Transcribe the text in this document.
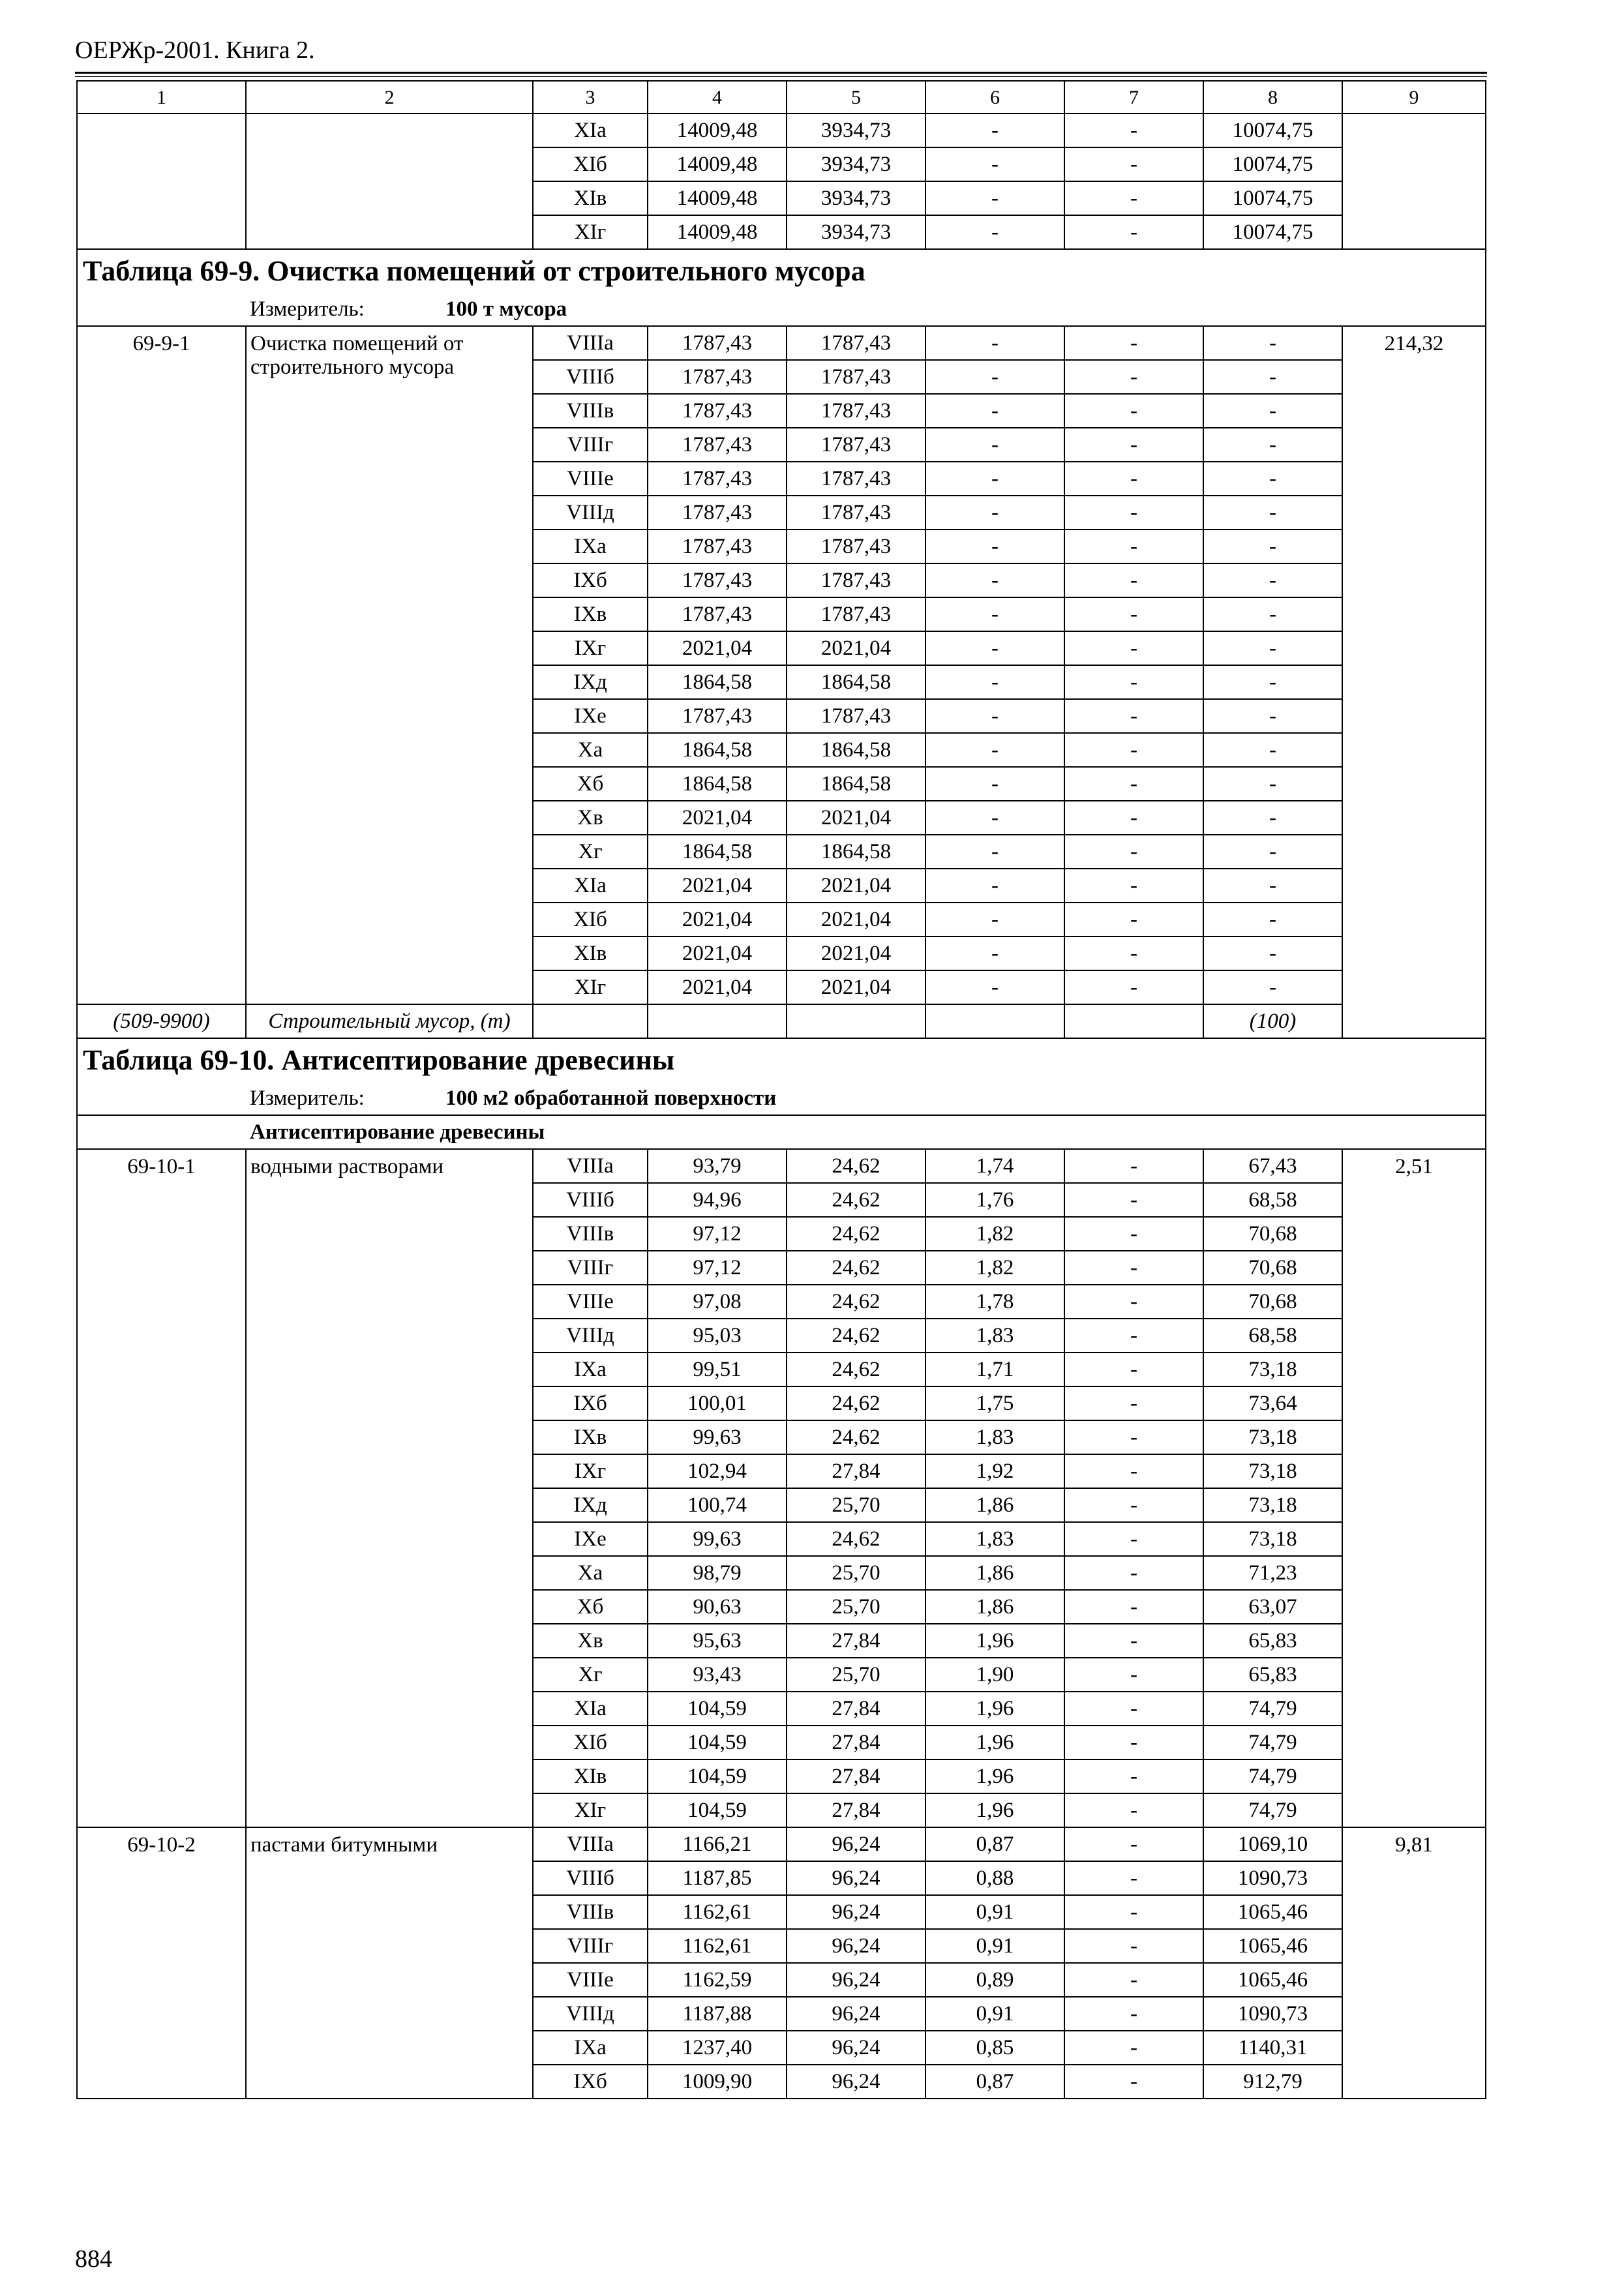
ОЕРЖр-2001. Книга 2.
1	2	3	4	5	6	7	8	9
		XIа	14009,48	3934,73	-	-	10074,75	
		XIб	14009,48	3934,73	-	-	10074,75	
		XIв	14009,48	3934,73	-	-	10074,75	
		XIг	14009,48	3934,73	-	-	10074,75	
Таблица 69-9. Очистка помещений от строительного мусора								
Измеритель: 100 т мусора								
69-9-1	Очистка помещений от строительного мусора	VIIIа	1787,43	1787,43	-	-	-	214,32
		VIIIб	1787,43	1787,43	-	-	-	
		VIIIв	1787,43	1787,43	-	-	-	
		VIIIг	1787,43	1787,43	-	-	-	
		VIIIе	1787,43	1787,43	-	-	-	
		VIIIд	1787,43	1787,43	-	-	-	
		IXа	1787,43	1787,43	-	-	-	
		IXб	1787,43	1787,43	-	-	-	
		IXв	1787,43	1787,43	-	-	-	
		IXг	2021,04	2021,04	-	-	-	
		IXд	1864,58	1864,58	-	-	-	
		IXе	1787,43	1787,43	-	-	-	
		Xа	1864,58	1864,58	-	-	-	
		Xб	1864,58	1864,58	-	-	-	
		Xв	2021,04	2021,04	-	-	-	
		Xг	1864,58	1864,58	-	-	-	
		XIа	2021,04	2021,04	-	-	-	
		XIб	2021,04	2021,04	-	-	-	
		XIв	2021,04	2021,04	-	-	-	
		XIг	2021,04	2021,04	-	-	-	
(509-9900)	Строительный мусор, (т)						(100)	
Таблица 69-10. Антисептирование древесины								
Измеритель: 100 м2 обработанной поверхности								
Антисептирование древесины								
69-10-1	водными растворами	VIIIа	93,79	24,62	1,74	-	67,43	2,51
		VIIIб	94,96	24,62	1,76	-	68,58	
		VIIIв	97,12	24,62	1,82	-	70,68	
		VIIIг	97,12	24,62	1,82	-	70,68	
		VIIIе	97,08	24,62	1,78	-	70,68	
		VIIIд	95,03	24,62	1,83	-	68,58	
		IXа	99,51	24,62	1,71	-	73,18	
		IXб	100,01	24,62	1,75	-	73,64	
		IXв	99,63	24,62	1,83	-	73,18	
		IXг	102,94	27,84	1,92	-	73,18	
		IXд	100,74	25,70	1,86	-	73,18	
		IXе	99,63	24,62	1,83	-	73,18	
		Xа	98,79	25,70	1,86	-	71,23	
		Xб	90,63	25,70	1,86	-	63,07	
		Xв	95,63	27,84	1,96	-	65,83	
		Xг	93,43	25,70	1,90	-	65,83	
		XIа	104,59	27,84	1,96	-	74,79	
		XIб	104,59	27,84	1,96	-	74,79	
		XIв	104,59	27,84	1,96	-	74,79	
		XIг	104,59	27,84	1,96	-	74,79	
69-10-2	пастами битумными	VIIIа	1166,21	96,24	0,87	-	1069,10	9,81
		VIIIб	1187,85	96,24	0,88	-	1090,73	
		VIIIв	1162,61	96,24	0,91	-	1065,46	
		VIIIг	1162,61	96,24	0,91	-	1065,46	
		VIIIе	1162,59	96,24	0,89	-	1065,46	
		VIIIд	1187,88	96,24	0,91	-	1090,73	
		IXа	1237,40	96,24	0,85	-	1140,31	
		IXб	1009,90	96,24	0,87	-	912,79	
884
